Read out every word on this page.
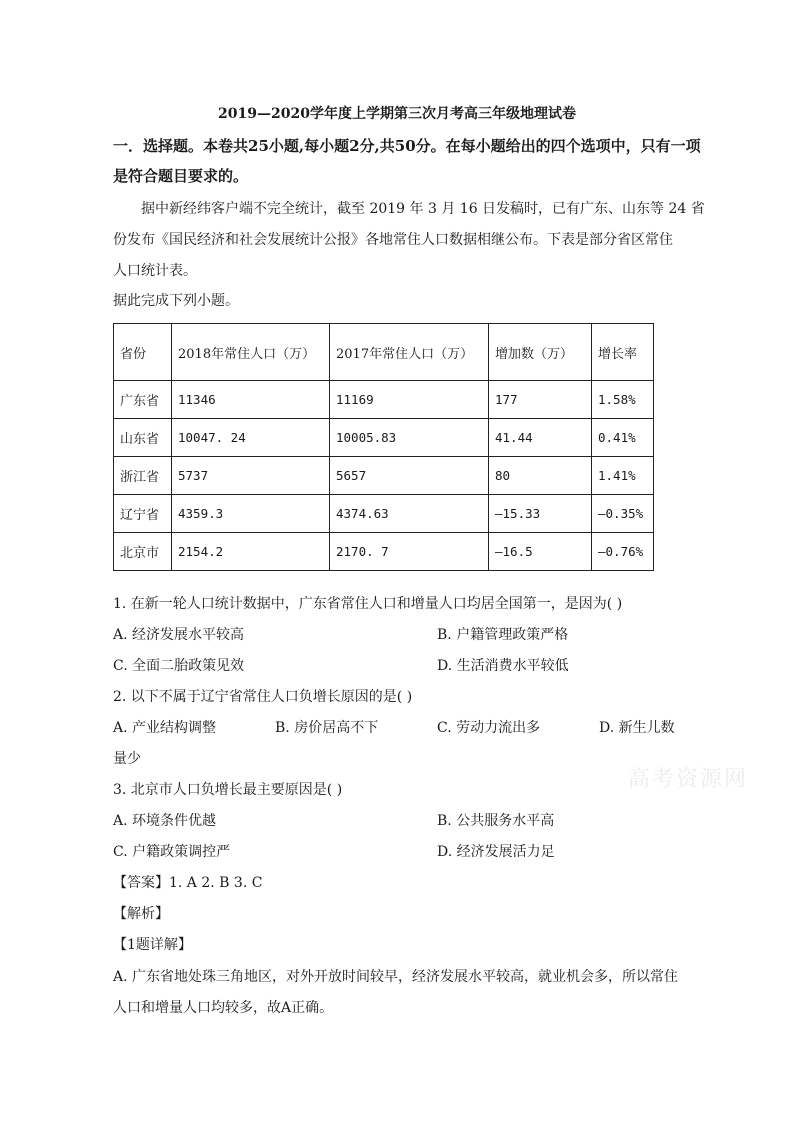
2019—2020学年度上学期第三次月考高三年级地理试卷
一．选择题。本卷共25小题,每小题2分,共50分。在每小题给出的四个选项中，只有一项
是符合题目要求的。
据中新经纬客户端不完全统计，截至 2019 年 3 月 16 日发稿时，已有广东、山东等 24 省
份发布《国民经济和社会发展统计公报》各地常住人口数据相继公布。下表是部分省区常住
人口统计表。
据此完成下列小题。
省份	2018年常住人口（万）	2017年常住人口（万）	增加数（万）	增长率
广东省	11346	11169	177	1.58%
山东省	10047. 24	10005.83	41.44	0.41%
浙江省	5737	5657	80	1.41%
辽宁省	4359.3	4374.63	—15.33	—0.35%
北京市	2154.2	2170. 7	—16.5	—0.76%
1. 在新一轮人口统计数据中，广东省常住人口和增量人口均居全国第一，是因为( )
A. 经济发展水平较高	B. 户籍管理政策严格
C. 全面二胎政策见效	D. 生活消费水平较低
2. 以下不属于辽宁省常住人口负增长原因的是( )
A. 产业结构调整	B. 房价居高不下	C. 劳动力流出多	D. 新生儿数
量少
3. 北京市人口负增长最主要原因是( )
A. 环境条件优越	B. 公共服务水平高
C. 户籍政策调控严	D. 经济发展活力足
【答案】1. A 2. B 3. C
【解析】
【1题详解】
A. 广东省地处珠三角地区，对外开放时间较早，经济发展水平较高，就业机会多，所以常住
人口和增量人口均较多，故A正确。
高考资源网
